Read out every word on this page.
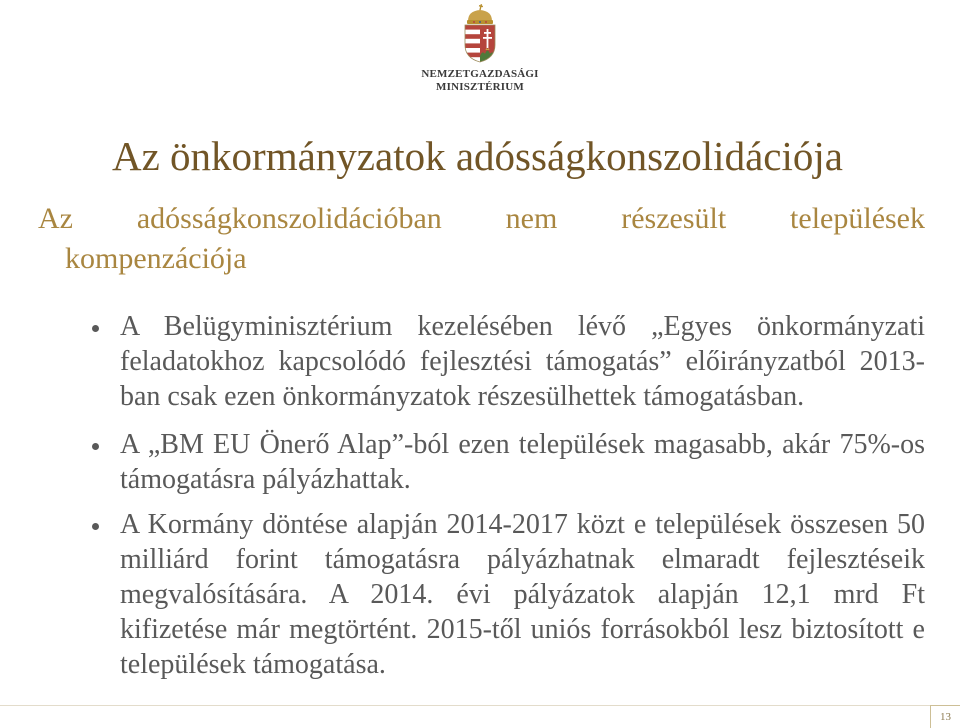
NEMZETGAZDASÁGI
MINISZTÉRIUM
Az önkormányzatok adósságkonszolidációja
Az adósságkonszolidációban nem részesült települések
kompenzációja
A Belügyminisztérium kezelésében lévő „Egyes önkormányzati
feladatokhoz kapcsolódó fejlesztési támogatás” előirányzatból 2013-
ban csak ezen önkormányzatok részesülhettek támogatásban.
A „BM EU Önerő Alap”-ból ezen települések magasabb, akár 75%-os
támogatásra pályázhattak.
A Kormány döntése alapján 2014-2017 közt e települések összesen 50
milliárd forint támogatásra pályázhatnak elmaradt fejlesztéseik
megvalósítására. A 2014. évi pályázatok alapján 12,1 mrd Ft
kifizetése már megtörtént. 2015-től uniós forrásokból lesz biztosított e
települések támogatása.
13
